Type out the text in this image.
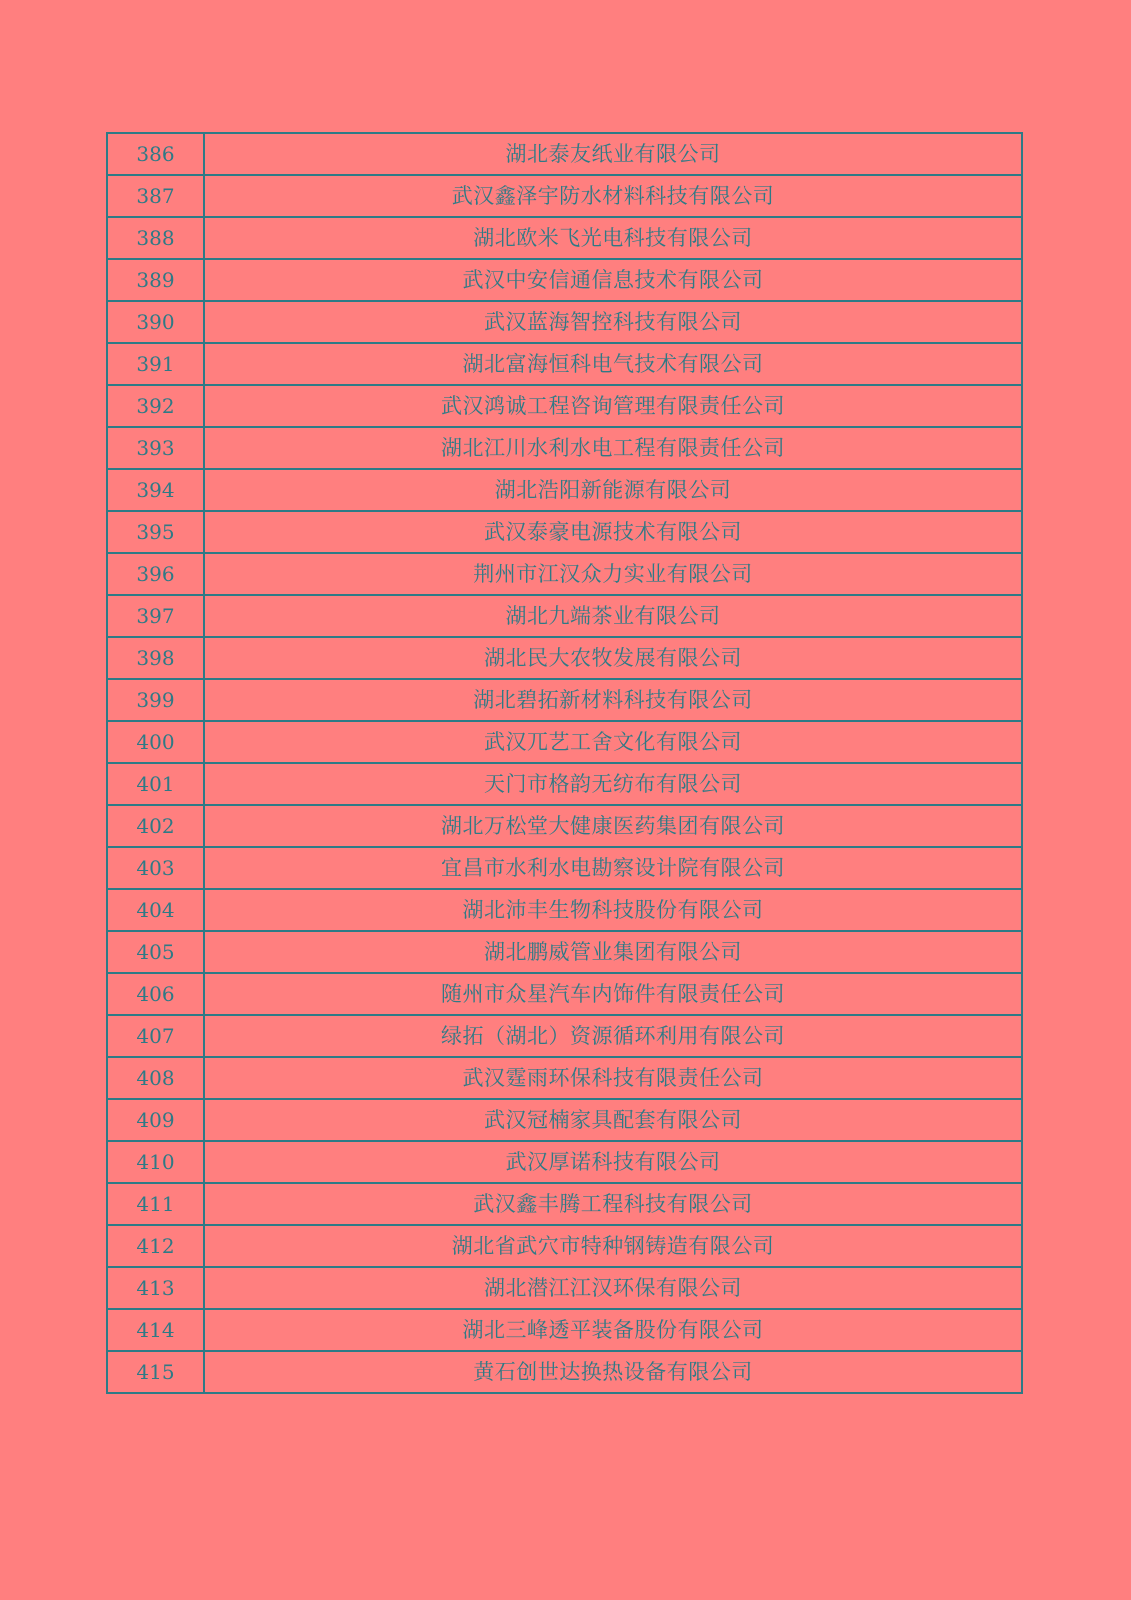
386	湖北泰友纸业有限公司
387	武汉鑫泽宇防水材料科技有限公司
388	湖北欧米飞光电科技有限公司
389	武汉中安信通信息技术有限公司
390	武汉蓝海智控科技有限公司
391	湖北富海恒科电气技术有限公司
392	武汉鸿诚工程咨询管理有限责任公司
393	湖北江川水利水电工程有限责任公司
394	湖北浩阳新能源有限公司
395	武汉泰豪电源技术有限公司
396	荆州市江汉众力实业有限公司
397	湖北九端茶业有限公司
398	湖北民大农牧发展有限公司
399	湖北碧拓新材料科技有限公司
400	武汉兀艺工舍文化有限公司
401	天门市格韵无纺布有限公司
402	湖北万松堂大健康医药集团有限公司
403	宜昌市水利水电勘察设计院有限公司
404	湖北沛丰生物科技股份有限公司
405	湖北鹏威管业集团有限公司
406	随州市众星汽车内饰件有限责任公司
407	绿拓（湖北）资源循环利用有限公司
408	武汉霆雨环保科技有限责任公司
409	武汉冠楠家具配套有限公司
410	武汉厚诺科技有限公司
411	武汉鑫丰腾工程科技有限公司
412	湖北省武穴市特种钢铸造有限公司
413	湖北潜江江汉环保有限公司
414	湖北三峰透平装备股份有限公司
415	黄石创世达换热设备有限公司
